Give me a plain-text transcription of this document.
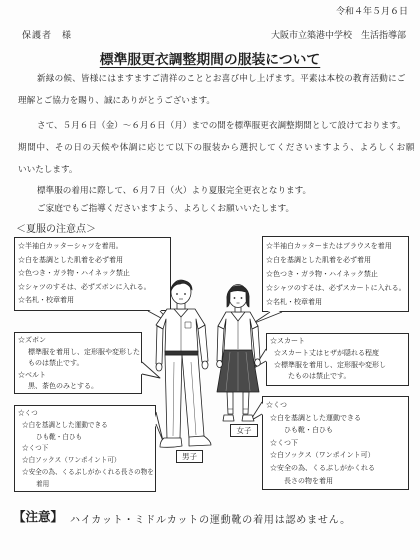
令和４年５月６日
保護者　様	大阪市立築港中学校　生活指導部
標準服更衣調整期間の服装について
新緑の候、皆様にはますますご清祥のこととお喜び申し上げます。平素は本校の教育活動にご
理解とご協力を賜り、誠にありがとうございます。
さて、５月６日（金）～６月６日（月）までの間を標準服更衣調整期間として設けております。
期間中、その日の天候や体調に応じて以下の服装から選択してくださいますよう、よろしくお願
いいたします。
標準服の着用に際して、６月７日（火）より夏服完全更衣となります。
ご家庭でもご指導くださいますよう、よろしくお願いいたします。
＜夏服の注意点＞
☆半袖白カッターシャツを着用。
☆白を基調とした肌着を必ず着用
☆色つき・ガラ物・ハイネック禁止
☆シャツのすそは、必ずズボンに入れる。
☆名札・校章着用
☆半袖白カッターまたはブラウスを着用
☆白を基調とした肌着を必ず着用
☆色つき・ガラ物・ハイネック禁止
☆シャツのすそは、必ずスカートに入れる。
☆名札・校章着用
☆ズボン
標準服を着用し、定形服や変形した
ものは禁止です。
☆ベルト
黒、茶色のみとする。
☆スカート
☆スカート丈はヒザが隠れる程度
☆標準服を着用し、定形服や変形し
たものは禁止です。
☆くつ
☆白を基調とした運動できる
ひも靴・白ひも
☆くつ下
☆白ソックス（ワンポイント可）
☆安全の為、くるぶしがかくれる長さの物を
着用
☆くつ
☆白を基調とした運動できる
ひも靴・白ひも
☆くつ下
☆白ソックス（ワンポイント可）
☆安全の為、くるぶしがかくれる
長さの物を着用
男子
女子
【注意】 ハイカット・ミドルカットの運動靴の着用は認めません。
